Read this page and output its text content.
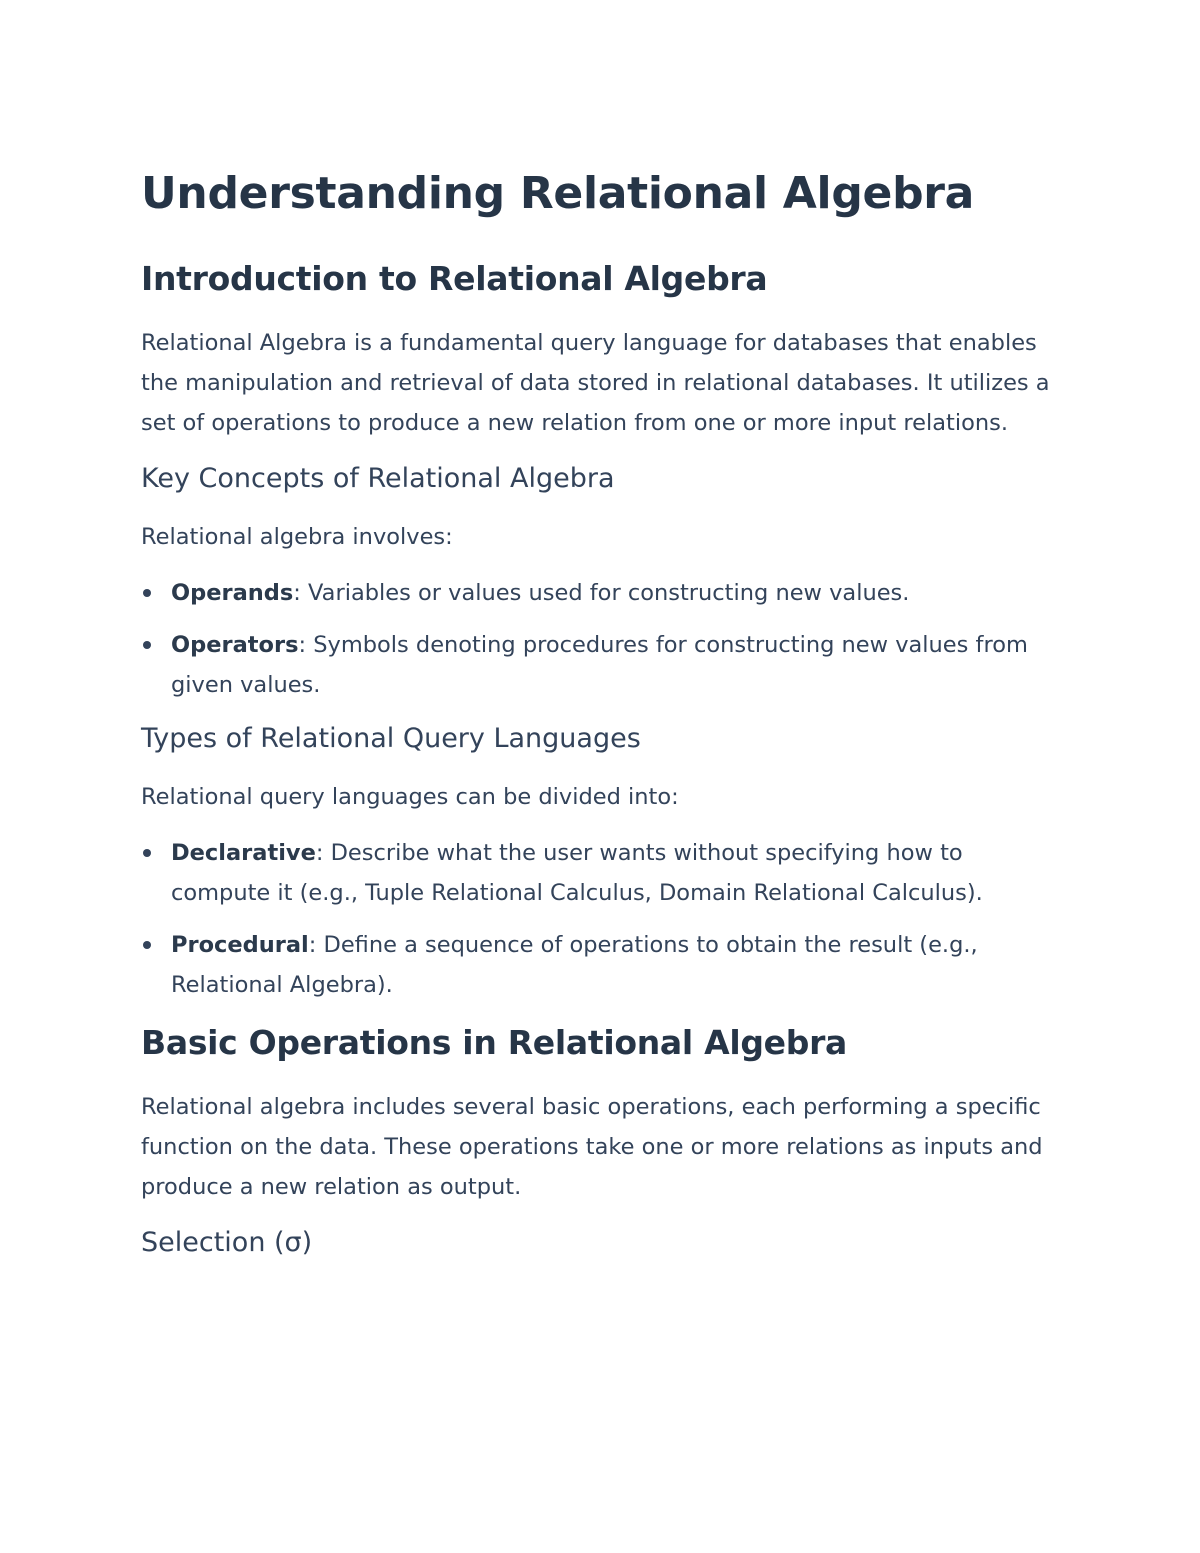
Understanding Relational Algebra
Introduction to Relational Algebra

Relational Algebra is a fundamental query language for databases that enables the manipulation and retrieval of data stored in relational databases. It utilizes a set of operations to produce a new relation from one or more input relations.

Key Concepts of Relational Algebra

Relational algebra involves:

Operands: Variables or values used for constructing new values.
Operators: Symbols denoting procedures for constructing new values from given values.
Types of Relational Query Languages

Relational query languages can be divided into:

Declarative: Describe what the user wants without specifying how to compute it (e.g., Tuple Relational Calculus, Domain Relational Calculus).
Procedural: Define a sequence of operations to obtain the result (e.g., Relational Algebra).
Basic Operations in Relational Algebra

Relational algebra includes several basic operations, each performing a specific function on the data. These operations take one or more relations as inputs and produce a new relation as output.

Selection (σ)
